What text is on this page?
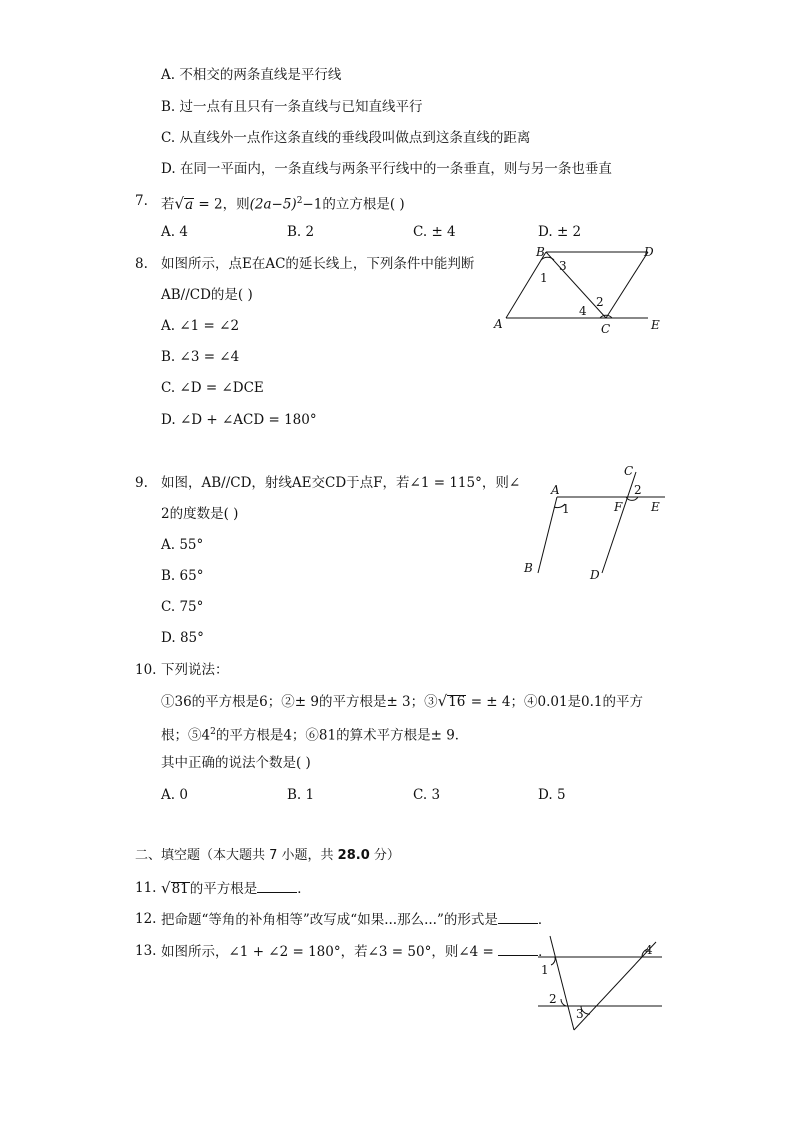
A. 不相交的两条直线是平行线
B. 过一点有且只有一条直线与已知直线平行
C. 从直线外一点作这条直线的垂线段叫做点到这条直线的距离
D. 在同一平面内，一条直线与两条平行线中的一条垂直，则与另一条也垂直
7. 若√a = 2，则$(2a-5)^2-1$的立方根是( )
A. 4	B. 2	C. ± 4	D. ± 2
8. 如图所示，点E在AC的延长线上，下列条件中能判断
AB//CD的是( )
A. ∠1 = ∠2
B. ∠3 = ∠4
C. ∠D = ∠DCE
D. ∠D + ∠ACD = 180°
B	D
A	C	E
1
2
3
4
9. 如图，AB//CD，射线AE交CD于点F，若∠1 = 115°，则∠
2的度数是( )
A. 55°
B. 65°
C. 75°
D. 85°
A
B
C
D
E
F
1
2
10. 下列说法：
①36的平方根是6；②± 9的平方根是± 3；③√16 = ± 4；④0.01是0.1的平方
根；$⑤4^2$的平方根是4；⑥81的算术平方根是± 9．
其中正确的说法个数是( )
A. 0	B. 1	C. 3	D. 5
二、填空题（本大题共 7 小题，共 28.0 分）
11. √81的平方根是	．
12. 把命题“等角的补角相等”改写成“如果...那么...”的形式是	．
13. 如图所示，∠1 + ∠2 = 180°，若∠3 = 50°，则∠4 =	．
1
2
3
4
